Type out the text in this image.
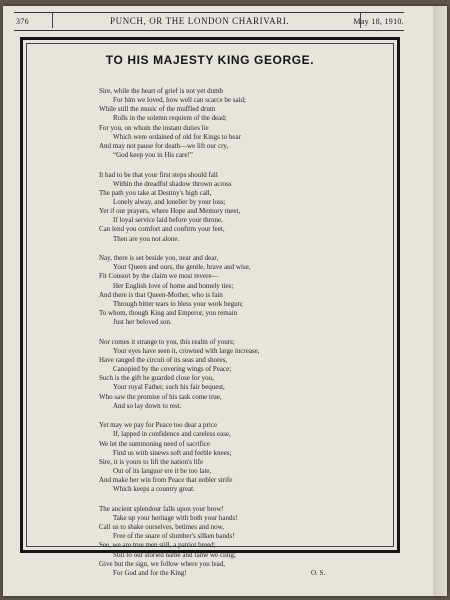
376	PUNCH, OR THE LONDON CHARIVARI.	May 18, 1910.
TO HIS MAJESTY KING GEORGE.
Sire, while the heart of grief is not yet dumb
For him we loved, how well can scarce be said;
While still the music of the muffled drum
Rolls in the solemn requiem of the dead;
For you, on whom the instant duties lie
Which were ordained of old for Kings to bear
And may not pause for death—we lift our cry,
“God keep you in His care!”
It had to be that your first steps should fall
Within the dreadful shadow thrown across
The path you take at Destiny's high call,
Lonely alway, and lonelier by your loss;
Yet if our prayers, where Hope and Memory meet,
If loyal service laid before your throne,
Can lend you comfort and confirm your feet,
Then are you not alone.
Nay, there is set beside you, near and dear,
Your Queen and ours, the gentle, brave and wise,
Fit Consort by the claim we most revere—
Her English love of home and homely ties;
And there is that Queen-Mother, who is fain
Through bitter tears to bless your work begun;
To whom, though King and Emperor, you remain
Just her beloved son.
Nor comes it strange to you, this realm of yours;
Your eyes have seen it, crowned with large increase,
Have ranged the circuit of its seas and shores,
Canopied by the covering wings of Peace;
Such is the gift he guarded close for you,
Your royal Father, such his fair bequest,
Who saw the promise of his task come true,
And so lay down to rest.
Yet may we pay for Peace too dear a price
If, lapped in confidence and careless ease,
We let the summoning need of sacrifice
Find us with sinews soft and feeble knees;
Sire, it is yours to lift the nation's life
Out of its languor ere it be too late,
And make her win from Peace that nobler strife
Which keeps a country great.
The ancient splendour falls upon your brow!
Take up your heritage with both your hands!
Call us to shake ourselves, betimes and now,
Free of the snare of slumber's silken bands!
See, we are true men still, a patriot breed;
Still to our storied name and fame we cling;
Give but the sign, we follow where you lead,
For God and for the King!	O. S.
